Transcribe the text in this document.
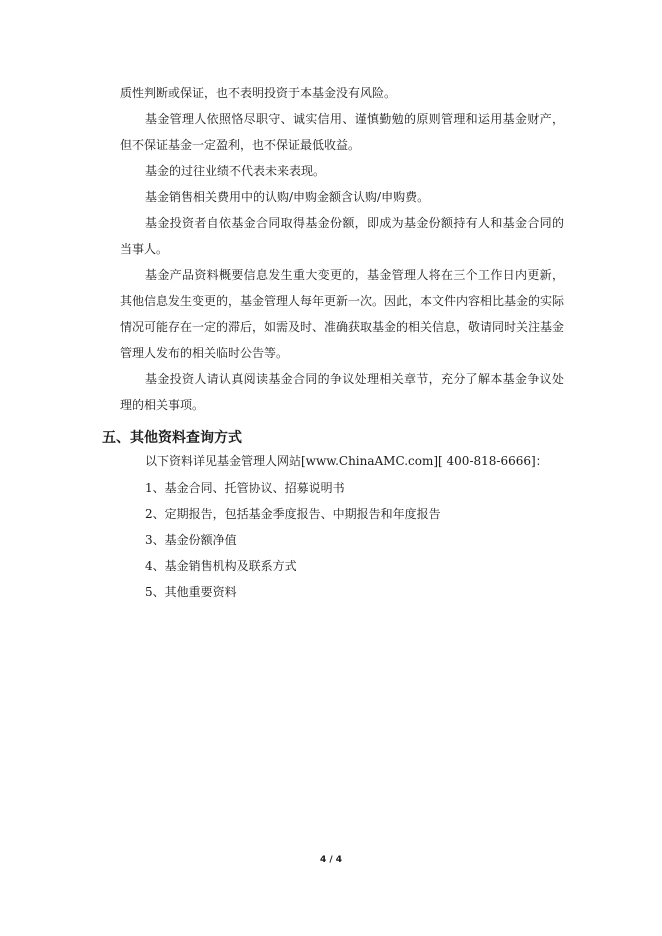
质性判断或保证，也不表明投资于本基金没有风险。

基金管理人依照恪尽职守、诚实信用、谨慎勤勉的原则管理和运用基金财产，但不保证基金一定盈利，也不保证最低收益。

基金的过往业绩不代表未来表现。

基金销售相关费用中的认购/申购金额含认购/申购费。

基金投资者自依基金合同取得基金份额，即成为基金份额持有人和基金合同的当事人。

基金产品资料概要信息发生重大变更的，基金管理人将在三个工作日内更新，其他信息发生变更的，基金管理人每年更新一次。因此，本文件内容相比基金的实际情况可能存在一定的滞后，如需及时、准确获取基金的相关信息，敬请同时关注基金管理人发布的相关临时公告等。

基金投资人请认真阅读基金合同的争议处理相关章节，充分了解本基金争议处理的相关事项。

五、其他资料查询方式

以下资料详见基金管理人网站[www.ChinaAMC.com][ 400-818-6666]：

1、基金合同、托管协议、招募说明书

2、定期报告，包括基金季度报告、中期报告和年度报告

3、基金份额净值

4、基金销售机构及联系方式

5、其他重要资料

4 / 4
